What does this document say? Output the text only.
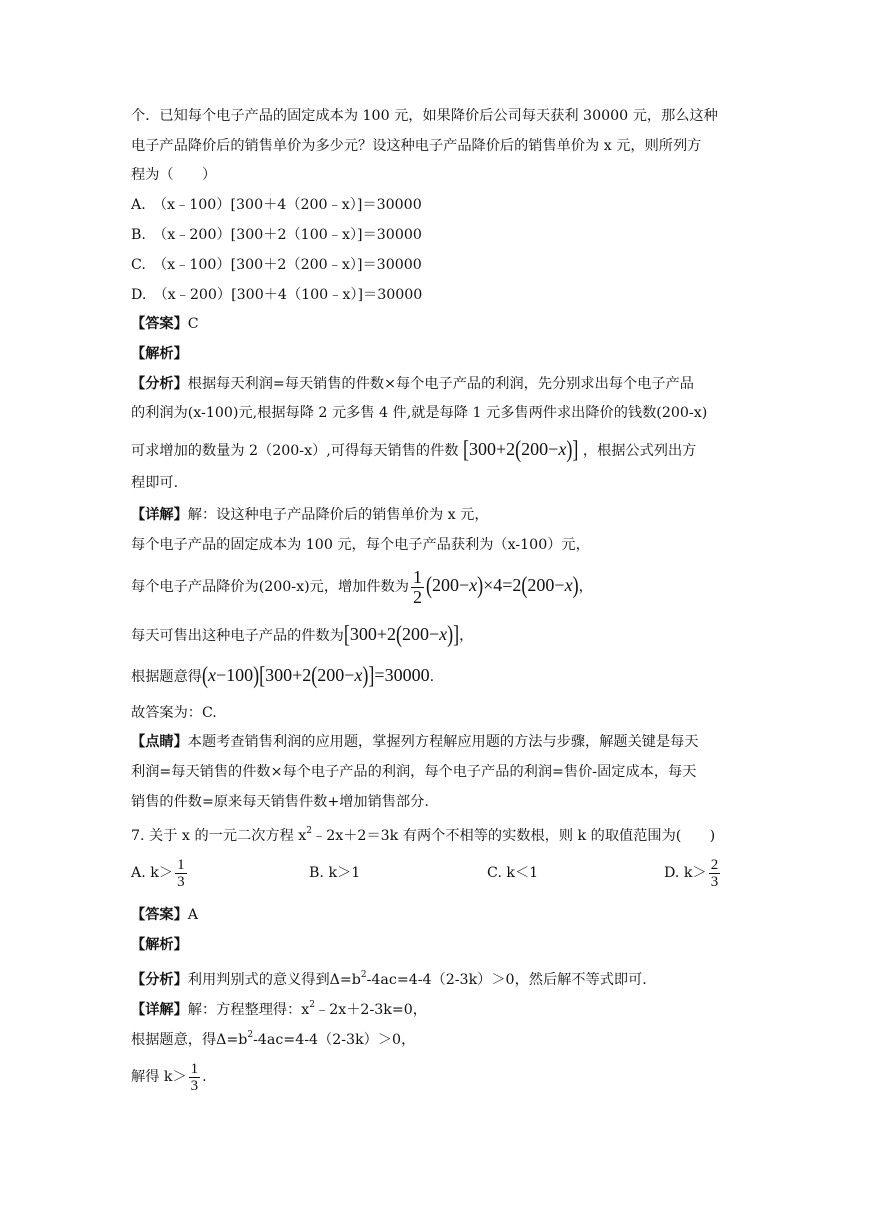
个．已知每个电子产品的固定成本为 100 元，如果降价后公司每天获利 30000 元，那么这种
电子产品降价后的销售单价为多少元？设这种电子产品降价后的销售单价为 x 元，则所列方
程为（　　）
A.　（x﹣100）[300＋4（200﹣x）]＝30000
B.　（x﹣200）[300＋2（100﹣x）]＝30000
C.　（x﹣100）[300＋2（200﹣x）]＝30000
D.　（x﹣200）[300＋4（100﹣x）]＝30000
【答案】C
【解析】
【分析】根据每天利润=每天销售的件数×每个电子产品的利润，先分别求出每个电子产品
的利润为(x-100)元,根据每降 2 元多售 4 件,就是每降 1 元多售两件求出降价的钱数(200-x)
可求增加的数量为 2（200-x）,可得每天销售的件数 [300+2(200−x)] ，根据公式列出方
程即可.
【详解】解：设这种电子产品降价后的销售单价为 x 元，
每个电子产品的固定成本为 100 元，每个电子产品获利为（x-100）元，
每个电子产品降价为(200-x)元，增加件数为 $\frac{1}{2} (200-x)\times 4=2(200-x)$，
每天可售出这种电子产品的件数为[300+2(200−x)]，
根据题意得(x−100)[300+2(200−x)]=30000.
故答案为：C.
【点睛】本题考查销售利润的应用题，掌握列方程解应用题的方法与步骤，解题关键是每天
利润=每天销售的件数×每个电子产品的利润，每个电子产品的利润=售价-固定成本，每天
销售的件数=原来每天销售件数+增加销售部分.
7. 关于 x 的一元二次方程 $x^2﹣2x+2=3k$ 有两个不相等的实数根，则 k 的取值范围为(　　)
A. $k> \frac{1}{3}$	B. k＞1	C. k＜1	D. $k> \frac{2}{3}$
【答案】A
【解析】
【分析】利用判别式的意义得到$\Delta=b^2-4ac=4-4(2-3k)>0$，然后解不等式即可.
【详解】解：方程整理得：$x^2﹣2x+2-3k=0$，
根据题意，得$\Delta=b^2-4ac=4-4(2-3k)>0$，
解得 $k> \frac{1}{3}$ .
